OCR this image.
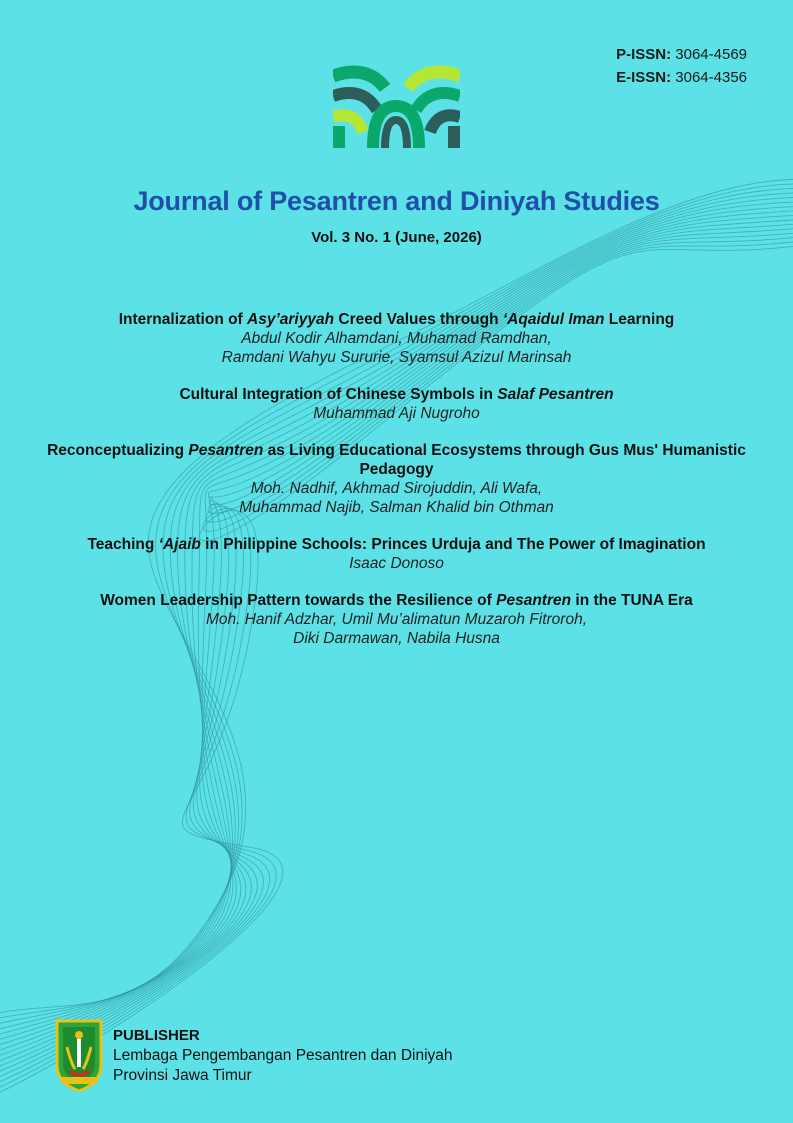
P-ISSN: 3064-4569
E-ISSN: 3064-4356
Journal of Pesantren and Diniyah Studies
Vol. 3 No. 1 (June, 2026)
Internalization of Asy’ariyyah Creed Values through ‘Aqaidul Iman Learning
Abdul Kodir Alhamdani, Muhamad Ramdhan,
Ramdani Wahyu Sururie, Syamsul Azizul Marinsah
Cultural Integration of Chinese Symbols in Salaf Pesantren
Muhammad Aji Nugroho
Reconceptualizing Pesantren as Living Educational Ecosystems through Gus Mus' Humanistic Pedagogy
Moh. Nadhif, Akhmad Sirojuddin, Ali Wafa,
Muhammad Najib, Salman Khalid bin Othman
Teaching ‘Ajaib in Philippine Schools: Princes Urduja and The Power of Imagination
Isaac Donoso
Women Leadership Pattern towards the Resilience of Pesantren in the TUNA Era
Moh. Hanif Adzhar, Umil Mu’alimatun Muzaroh Fitroroh,
Diki Darmawan, Nabila Husna
PUBLISHER
Lembaga Pengembangan Pesantren dan Diniyah
Provinsi Jawa Timur
